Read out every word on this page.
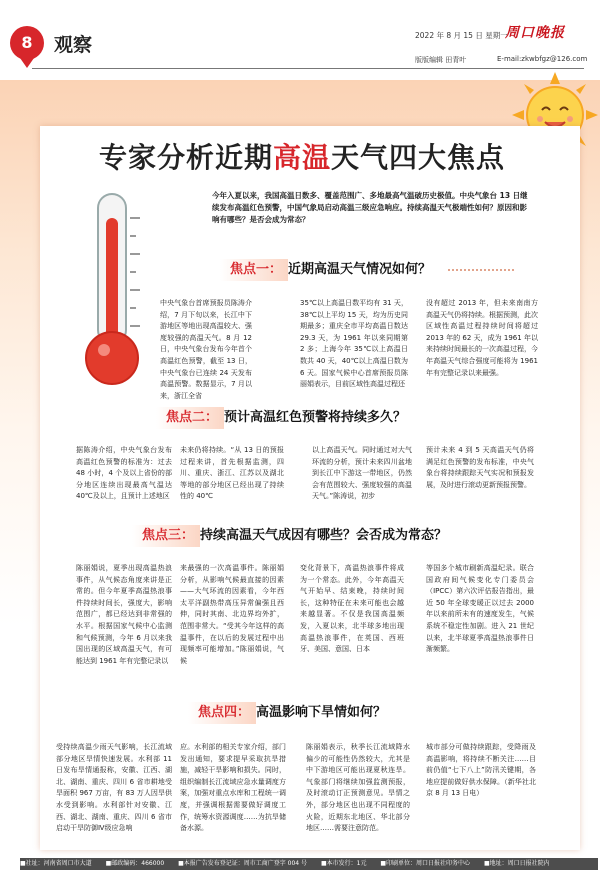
8	观察	2022 年 8 月 15 日 星期一
周口晚报
版版编辑 田青叶	E-mail:zkwbfgz@126.com
专家分析近期高温天气四大焦点
今年入夏以来，我国高温日数多、覆盖范围广、多地最高气温破历史极值。中央气象台 13 日继续发布高温红色预警，中国气象局启动高温三级应急响应。持续高温天气极端性如何？原因和影响有哪些？是否会成为常态？
焦点一： 近期高温天气情况如何？
中央气象台首席预报员陈涛介绍，7 月下旬以来，长江中下游地区等地出现高温较大、强度较强的高温天气。8 月 12 日，中央气象台发布今年首个高温红色预警，截至 13 日，中央气象台已连续 24 天发布高温预警。数据显示，7 月以来，浙江全省
35℃以上高温日数平均有 31 天，38℃以上平均 15 天，均为历史同期最多；重庆全市平均高温日数达 29.3 天，为 1961 年以来同期第 2 多；上海今年 35℃以上高温日数共 40 天，40℃以上高温日数为 6 天。国家气候中心首席预报员陈丽娟表示，目前区域性高温过程还
没有超过 2013 年，但未来南南方高温天气仍将持续。根据预测，此次区域性高温过程持续时间将超过 2013 年的 62 天，成为 1961 年以来持续时间最长的一次高温过程，今年高温天气综合强度可能将为 1961 年有完整记录以来最强。
焦点二： 预计高温红色预警将持续多久？
据陈涛介绍，中央气象台发布高温红色预警的标准为：过去 48 小时，4 个及以上省份的部分地区连续出现最高气温达 40℃及以上，且预计上述地区
未来仍将持续。“从 13 日的预报过程来讲，首先根据监测，四川、重庆、浙江、江苏以及湖北等地的部分地区已经出现了持续性的 40℃
以上高温天气。同时通过对大气环流的分析，预计未来四川盆地到长江中下游这一带地区，仍然会有范围较大、强度较强的高温天气。”陈涛说，初步
预计未来 4 到 5 天高温天气仍将满足红色预警的发布标准，中央气象台将持续跟踪天气实况和预报发展，及时进行滚动更新预报预警。
焦点三： 持续高温天气成因有哪些？会否成为常态？
陈丽娟说，夏季出现高温热浪事件，从气候态角度来讲是正常的。但今年夏季高温热浪事件持续时间长，强度大，影响范围广，都已经达到非常强的水平。根据国家气候中心监测和气候预测，今年 6 月以来我国出现的区域高温天气，有可能达到 1961 年有完整记录以
来最强的一次高温事件。陈丽娟分析，从影响气候最直接的因素——大气环流的因素看，今年西太平洋副热带高压异常偏强且西伸，同时其南、北边界均外扩，范围非常大。“受其今年这样的高温事件，在以后的发展过程中出现频率可能增加。”陈丽娟说，气候
变化背景下，高温热浪事件将成为一个常态。此外，今年高温天气开始早、结束晚，持续时间长，这种特征在未来可能也会越来越显著。不仅是我国高温频发，入夏以来，北半球多地出现高温热浪事件，在英国、西班牙、美国、意国、日本
等国多个城市刷新高温纪录。联合国政府间气候变化专门委员会（IPCC）第六次评估报告指出，最近 50 年全球变暖正以过去 2000 年以来前所未有的速度发生，气候系统不稳定性加剧。进入 21 世纪以来，北半球夏季高温热浪事件日渐频繁。
焦点四： 高温影响下旱情如何？
受持续高温少雨天气影响，长江流域部分地区旱情快速发展。水利部 11 日发布旱情通报称，安徽、江西、湖北、湖南、重庆、四川 6 省市耕地受旱面积 967 万亩，有 83 万人因旱供水受到影响。水利部针对安徽、江西、湖北、湖南、重庆、四川 6 省市启动干旱防御Ⅳ级应急响
应。水利部的相关专家介绍，部门发出通知，要求提早采取抗旱措施，减轻干旱影响和损失。同时，组织编制长江流域应急水量调度方案，加强对重点水库和工程统一调度，并强调根据需要做好调度工作，统筹水资源调度……为抗旱储备水源。
陈丽娟表示，秋季长江流域降水偏少的可能性仍然较大，尤其是中下游地区可能出现夏秋连旱。气象部门将继续加强监测预报，及时滚动订正预测意见。旱情之外，部分地区也出现不同程度的火险，近期东北地区、华北部分地区……需要注意防范。
城市部分可做持续跟踪，受降雨及高温影响，将持续不断关注……目前仍值“七下八上”防汛关键期，各地应提前做好供水保障。（新华社北京 8 月 13 日电）
■社址：河南省周口市大道 ■邮政编码：466000 ■本报广告发布登记证：周市工商广登字 004 号 ■本市发行：1元 ■印刷单位：周口日报社印务中心 ■地址：周口日报社院内
